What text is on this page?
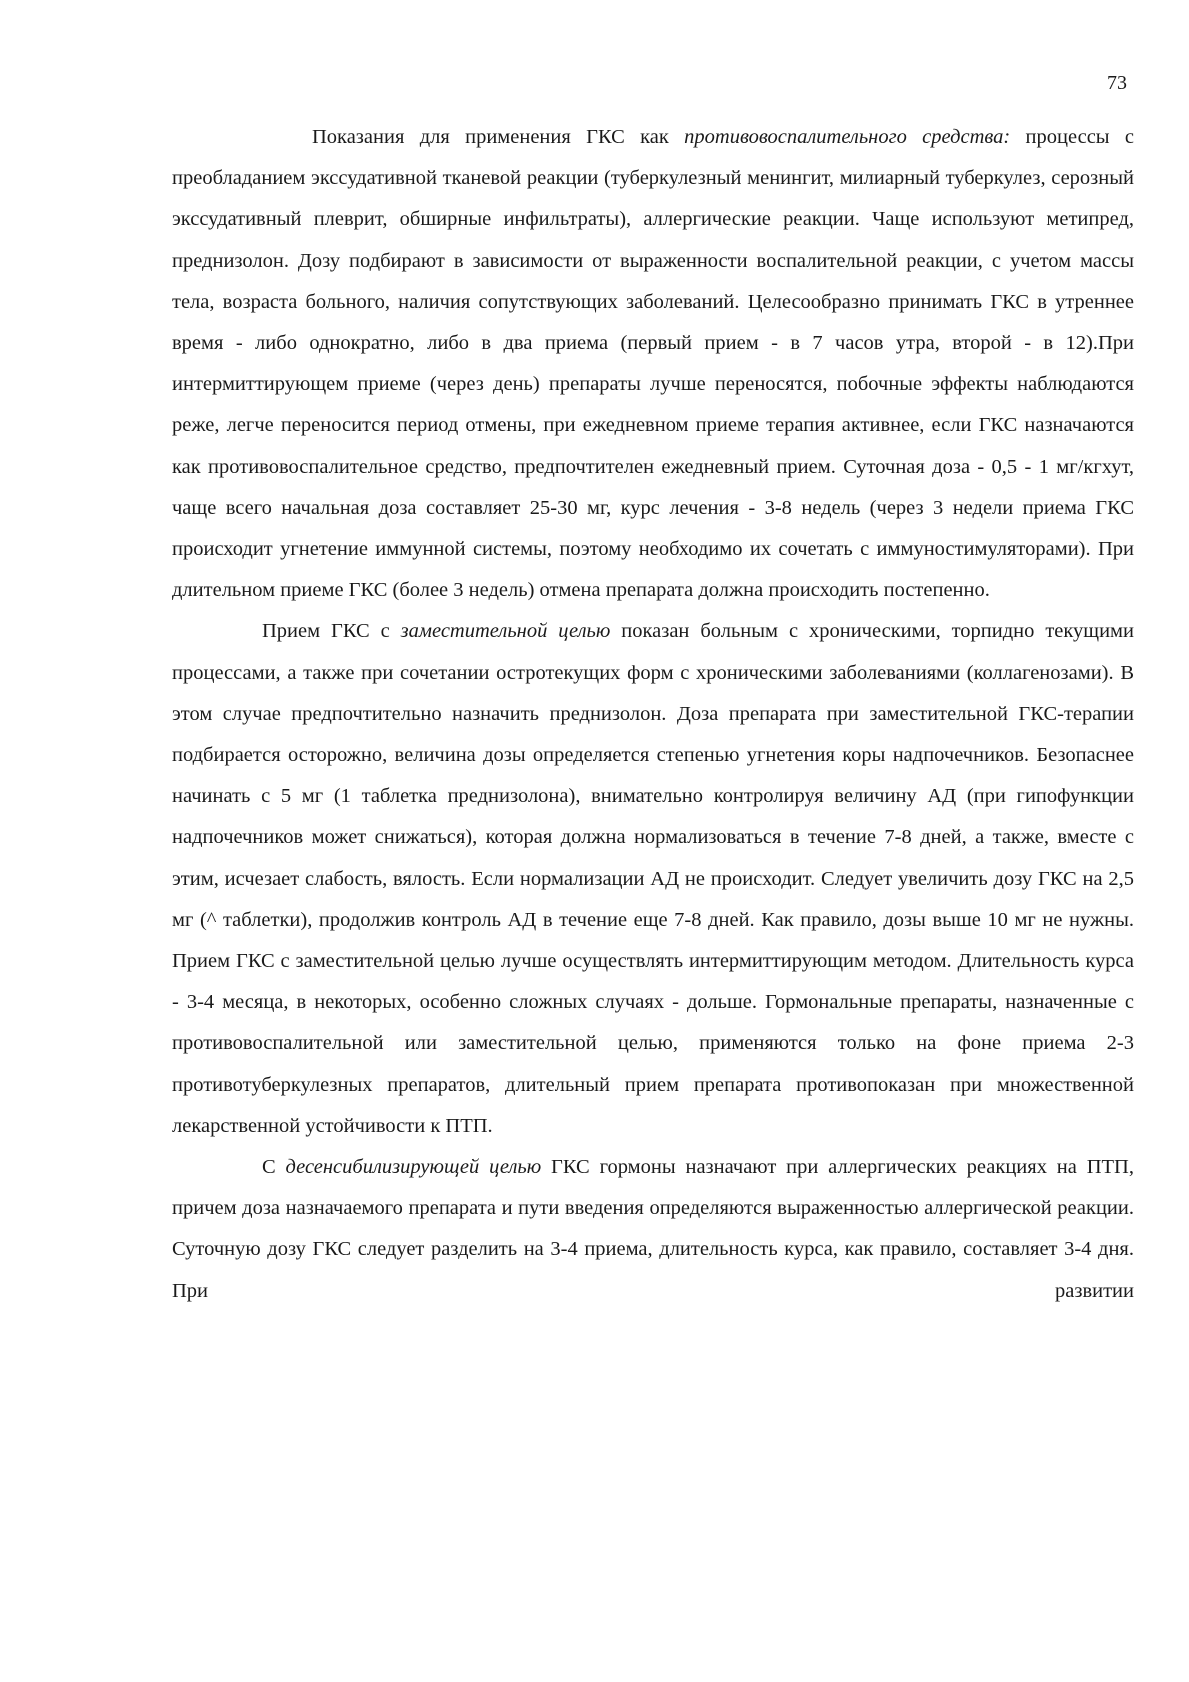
73

Показания для применения ГКС как противовоспалительного средства: процессы с преобладанием экссудативной тканевой реакции (туберкулезный менингит, милиарный туберкулез, серозный экссудативный плеврит, обширные инфильтраты), аллергические реакции. Чаще используют метипред, преднизолон. Дозу подбирают в зависимости от выраженности воспалительной реакции, с учетом массы тела, возраста больного, наличия сопутствующих заболеваний. Целесообразно принимать ГКС в утреннее время - либо однократно, либо в два приема (первый прием - в 7 часов утра, второй - в 12).При интермиттирующем приеме (через день) препараты лучше переносятся, побочные эффекты наблюдаются реже, легче переносится период отмены, при ежедневном приеме терапия активнее, если ГКС назначаются как противовоспалительное средство, предпочтителен ежедневный прием. Суточная доза - 0,5 - 1 мг/кгхут, чаще всего начальная доза составляет 25-30 мг, курс лечения - 3-8 недель (через 3 недели приема ГКС происходит угнетение иммунной системы, поэтому необходимо их сочетать с иммуностимуляторами). При длительном приеме ГКС (более 3 недель) отмена препарата должна происходить постепенно.

Прием ГКС с заместительной целью показан больным с хроническими, торпидно текущими процессами, а также при сочетании остротекущих форм с хроническими заболеваниями (коллагенозами). В этом случае предпочтительно назначить преднизолон. Доза препарата при заместительной ГКС-терапии подбирается осторожно, величина дозы определяется степенью угнетения коры надпочечников. Безопаснее начинать с 5 мг (1 таблетка преднизолона), внимательно контролируя величину АД (при гипофункции надпочечников может снижаться), которая должна нормализоваться в течение 7-8 дней, а также, вместе с этим, исчезает слабость, вялость. Если нормализации АД не происходит. Следует увеличить дозу ГКС на 2,5 мг (^ таблетки), продолжив контроль АД в течение еще 7-8 дней. Как правило, дозы выше 10 мг не нужны. Прием ГКС с заместительной целью лучше осуществлять интермиттирующим методом. Длительность курса - 3-4 месяца, в некоторых, особенно сложных случаях - дольше. Гормональные препараты, назначенные с противовоспалительной или заместительной целью, применяются только на фоне приема 2-3 противотуберкулезных препаратов, длительный прием препарата противопоказан при множественной лекарственной устойчивости к ПТП.

С десенсибилизирующей целью ГКС гормоны назначают при аллергических реакциях на ПТП, причем доза назначаемого препарата и пути введения определяются выраженностью аллергической реакции. Суточную дозу ГКС следует разделить на 3-4 приема, длительность курса, как правило, составляет 3-4 дня. При развитии
